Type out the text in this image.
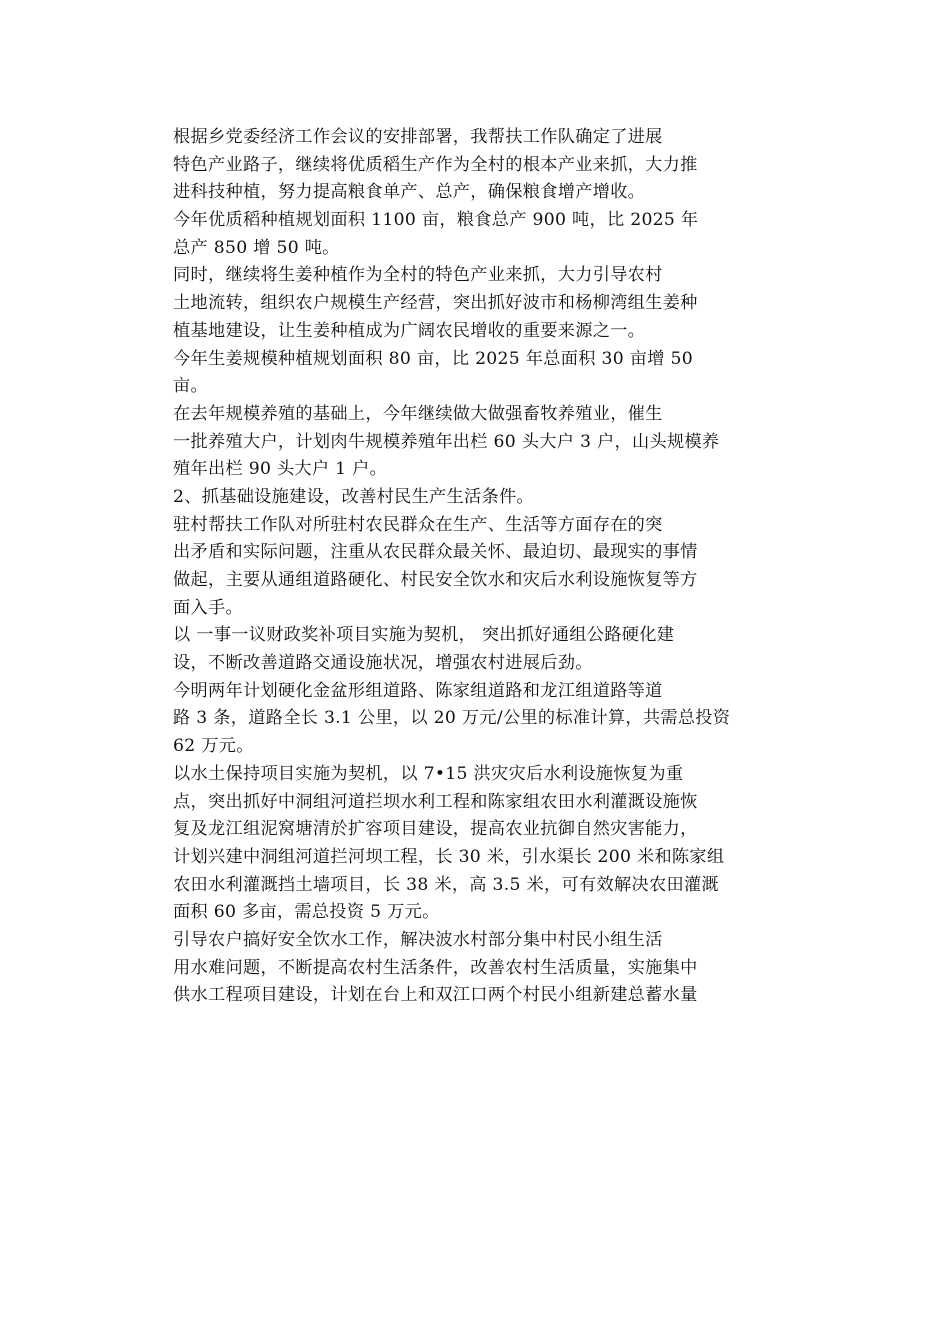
根据乡党委经济工作会议的安排部署，我帮扶工作队确定了进展
特色产业路子，继续将优质稻生产作为全村的根本产业来抓，大力推
进科技种植，努力提高粮食单产、总产，确保粮食增产增收。
今年优质稻种植规划面积 1100 亩，粮食总产 900 吨，比 2025 年
总产 850 增 50 吨。
同时，继续将生姜种植作为全村的特色产业来抓，大力引导农村
土地流转，组织农户规模生产经营，突出抓好波市和杨柳湾组生姜种
植基地建设，让生姜种植成为广阔农民增收的重要来源之一。
今年生姜规模种植规划面积 80 亩，比 2025 年总面积 30 亩增 50
亩。
在去年规模养殖的基础上，今年继续做大做强畜牧养殖业，催生
一批养殖大户，计划肉牛规模养殖年出栏 60 头大户 3 户，山头规模养
殖年出栏 90 头大户 1 户。
2、抓基础设施建设，改善村民生产生活条件。
驻村帮扶工作队对所驻村农民群众在生产、生活等方面存在的突
出矛盾和实际问题，注重从农民群众最关怀、最迫切、最现实的事情
做起，主要从通组道路硬化、村民安全饮水和灾后水利设施恢复等方
面入手。
以 一事一议财政奖补项目实施为契机， 突出抓好通组公路硬化建
设，不断改善道路交通设施状况，增强农村进展后劲。
今明两年计划硬化金盆形组道路、陈家组道路和龙江组道路等道
路 3 条，道路全长 3.1 公里，以 20 万元/公里的标准计算，共需总投资
62 万元。
以水土保持项目实施为契机，以 7•15 洪灾灾后水利设施恢复为重
点，突出抓好中洞组河道拦坝水利工程和陈家组农田水利灌溉设施恢
复及龙江组泥窝塘清於扩容项目建设，提高农业抗御自然灾害能力，
计划兴建中洞组河道拦河坝工程，长 30 米，引水渠长 200 米和陈家组
农田水利灌溉挡土墙项目，长 38 米，高 3.5 米，可有效解决农田灌溉
面积 60 多亩，需总投资 5 万元。
引导农户搞好安全饮水工作，解决波水村部分集中村民小组生活
用水难问题，不断提高农村生活条件，改善农村生活质量，实施集中
供水工程项目建设，计划在台上和双江口两个村民小组新建总蓄水量
